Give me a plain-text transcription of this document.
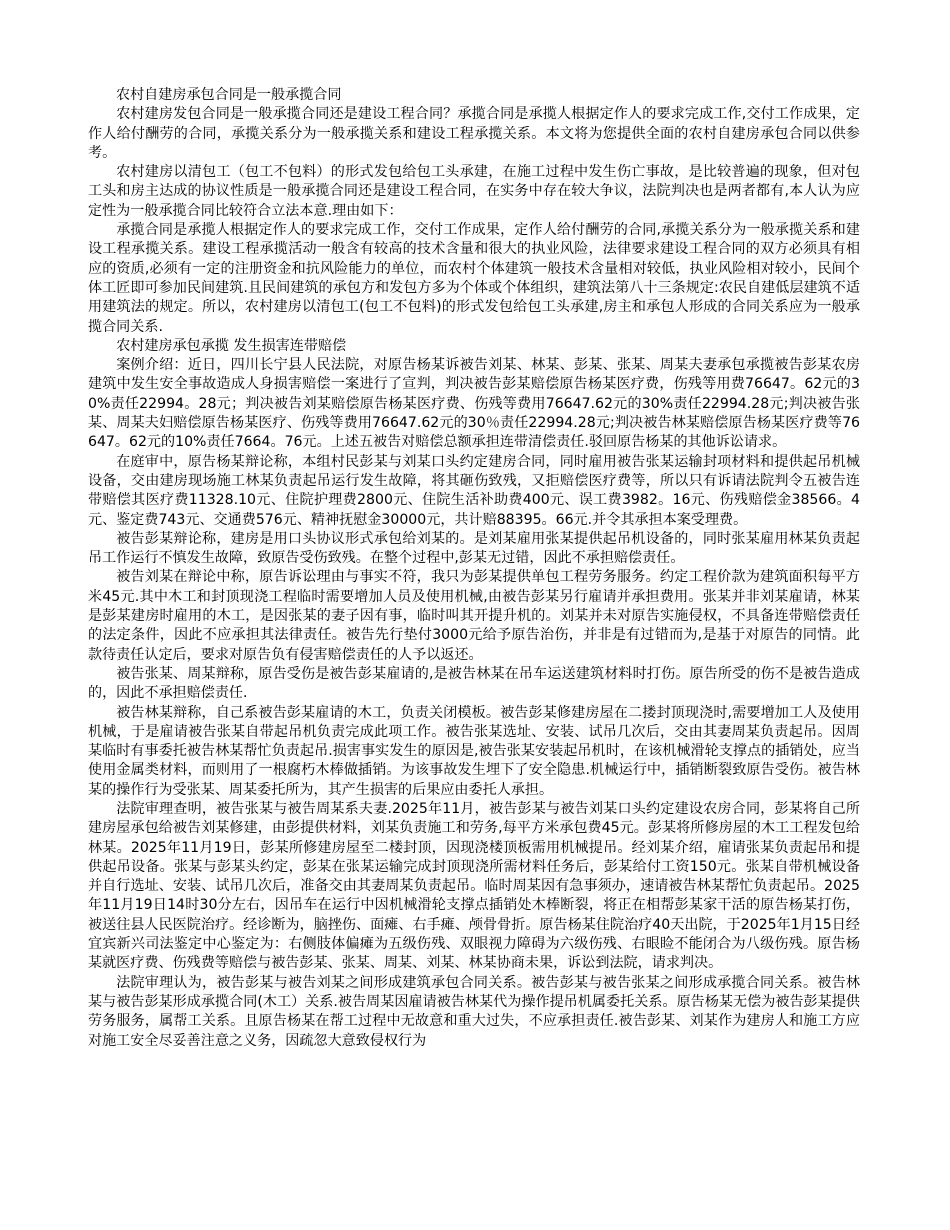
农村自建房承包合同是一般承揽合同

农村建房发包合同是一般承揽合同还是建设工程合同？承揽合同是承揽人根据定作人的要求完成工作,交付工作成果，定作人给付酬劳的合同，承揽关系分为一般承揽关系和建设工程承揽关系。本文将为您提供全面的农村自建房承包合同以供参考。

农村建房以清包工（包工不包料）的形式发包给包工头承建，在施工过程中发生伤亡事故，是比较普遍的现象，但对包工头和房主达成的协议性质是一般承揽合同还是建设工程合同，在实务中存在较大争议，法院判决也是两者都有,本人认为应定性为一般承揽合同比较符合立法本意.理由如下：

承揽合同是承揽人根据定作人的要求完成工作，交付工作成果，定作人给付酬劳的合同,承揽关系分为一般承揽关系和建设工程承揽关系。建设工程承揽活动一般含有较高的技术含量和很大的执业风险，法律要求建设工程合同的双方必须具有相应的资质,必须有一定的注册资金和抗风险能力的单位，而农村个体建筑一般技术含量相对较低，执业风险相对较小，民间个体工匠即可参加民间建筑.且民间建筑的承包方和发包方多为个体或个体组织，建筑法第八十三条规定:农民自建低层建筑不适用建筑法的规定。所以，农村建房以清包工(包工不包料)的形式发包给包工头承建,房主和承包人形成的合同关系应为一般承揽合同关系.

农村建房承包承揽 发生损害连带赔偿

案例介绍：近日，四川长宁县人民法院，对原告杨某诉被告刘某、林某、彭某、张某、周某夫妻承包承揽被告彭某农房建筑中发生安全事故造成人身损害赔偿一案进行了宣判，判决被告彭某赔偿原告杨某医疗费，伤残等用费76647。62元的30%责任22994。28元；判决被告刘某赔偿原告杨某医疗费、伤残等费用76647.62元的30%责任22994.28元;判决被告张某、周某夫妇赔偿原告杨某医疗、伤残等费用76647.62元的30％责任22994.28元;判决被告林某赔偿原告杨某医疗费等76647。62元的10%责任7664。76元。上述五被告对赔偿总额承担连带清偿责任.驳回原告杨某的其他诉讼请求。

在庭审中，原告杨某辩论称，本组村民彭某与刘某口头约定建房合同，同时雇用被告张某运输封项材料和提供起吊机械设备，交由建房现场施工林某负责起吊运行发生故障，将其砸伤致残，又拒赔偿医疗费等，所以只有诉请法院判令五被告连带赔偿其医疗费11328.10元、住院护理费2800元、住院生活补助费400元、误工费3982。16元、伤残赔偿金38566。4元、鉴定费743元、交通费576元、精神抚慰金30000元，共计赔88395。66元.并令其承担本案受理费。

被告彭某辩论称，建房是用口头协议形式承包给刘某的。是刘某雇用张某提供起吊机设备的，同时张某雇用林某负责起吊工作运行不慎发生故障，致原告受伤致残。在整个过程中,彭某无过错，因此不承担赔偿责任。

被告刘某在辩论中称，原告诉讼理由与事实不符，我只为彭某提供单包工程劳务服务。约定工程价款为建筑面积每平方米45元.其中木工和封顶现浇工程临时需要增加人员及使用机械,由被告彭某另行雇请并承担费用。张某并非刘某雇请，林某是彭某建房时雇用的木工，是因张某的妻子因有事，临时叫其开提升机的。刘某并未对原告实施侵权，不具备连带赔偿责任的法定条件，因此不应承担其法律责任。被告先行垫付3000元给予原告治伤，并非是有过错而为,是基于对原告的同情。此款待责任认定后，要求对原告负有侵害赔偿责任的人予以返还。

被告张某、周某辩称，原告受伤是被告彭某雇请的,是被告林某在吊车运送建筑材料时打伤。原告所受的伤不是被告造成的，因此不承担赔偿责任.

被告林某辩称，自己系被告彭某雇请的木工，负责关闭模板。被告彭某修建房屋在二搂封顶现浇时,需要增加工人及使用机械，于是雇请被告张某自带起吊机负责完成此项工作。被告张某选址、安装、试吊几次后，交由其妻周某负责起吊。因周某临时有事委托被告林某帮忙负责起吊.损害事实发生的原因是,被告张某安装起吊机时，在该机械滑轮支撑点的插销处，应当使用金属类材料，而则用了一根腐朽木棒做插销。为该事故发生埋下了安全隐患.机械运行中，插销断裂致原告受伤。被告林某的操作行为受张某、周某委托所为，其产生损害的后果应由委托人承担。

法院审理查明，被告张某与被告周某系夫妻.2025年11月，被告彭某与被告刘某口头约定建设农房合同，彭某将自己所建房屋承包给被告刘某修建，由彭提供材料，刘某负责施工和劳务,每平方米承包费45元。彭某将所修房屋的木工工程发包给林某。2025年11月19日，彭某所修建房屋至二楼封顶，因现浇楼顶板需用机械提吊。经刘某介绍，雇请张某负责起吊和提供起吊设备。张某与彭某头约定，彭某在张某运输完成封顶现浇所需材料任务后，彭某给付工资150元。张某自带机械设备并自行选址、安装、试吊几次后，准备交由其妻周某负责起吊。临时周某因有急事须办，速请被告林某帮忙负责起吊。2025年11月19日14时30分左右，因吊车在运行中因机械滑轮支撑点插销处木棒断裂，将正在相帮彭某家干活的原告杨某打伤，被送往县人民医院治疗。经诊断为，脑挫伤、面瘫、右手瘫、颅骨骨折。原告杨某住院治疗40天出院，于2025年1月15日经宜宾新兴司法鉴定中心鉴定为：右侧肢体偏瘫为五级伤残、双眼视力障碍为六级伤残、右眼睑不能闭合为八级伤残。原告杨某就医疗费、伤残费等赔偿与被告彭某、张某、周某、刘某、林某协商未果，诉讼到法院，请求判决。

法院审理认为，被告彭某与被告刘某之间形成建筑承包合同关系。被告彭某与被告张某之间形成承揽合同关系。被告林某与被告彭某形成承揽合同(木工）关系.被告周某因雇请被告林某代为操作提吊机属委托关系。原告杨某无偿为被告彭某提供劳务服务，属帮工关系。且原告杨某在帮工过程中无故意和重大过失，不应承担责任.被告彭某、刘某作为建房人和施工方应对施工安全尽妥善注意之义务，因疏忽大意致侵权行为
